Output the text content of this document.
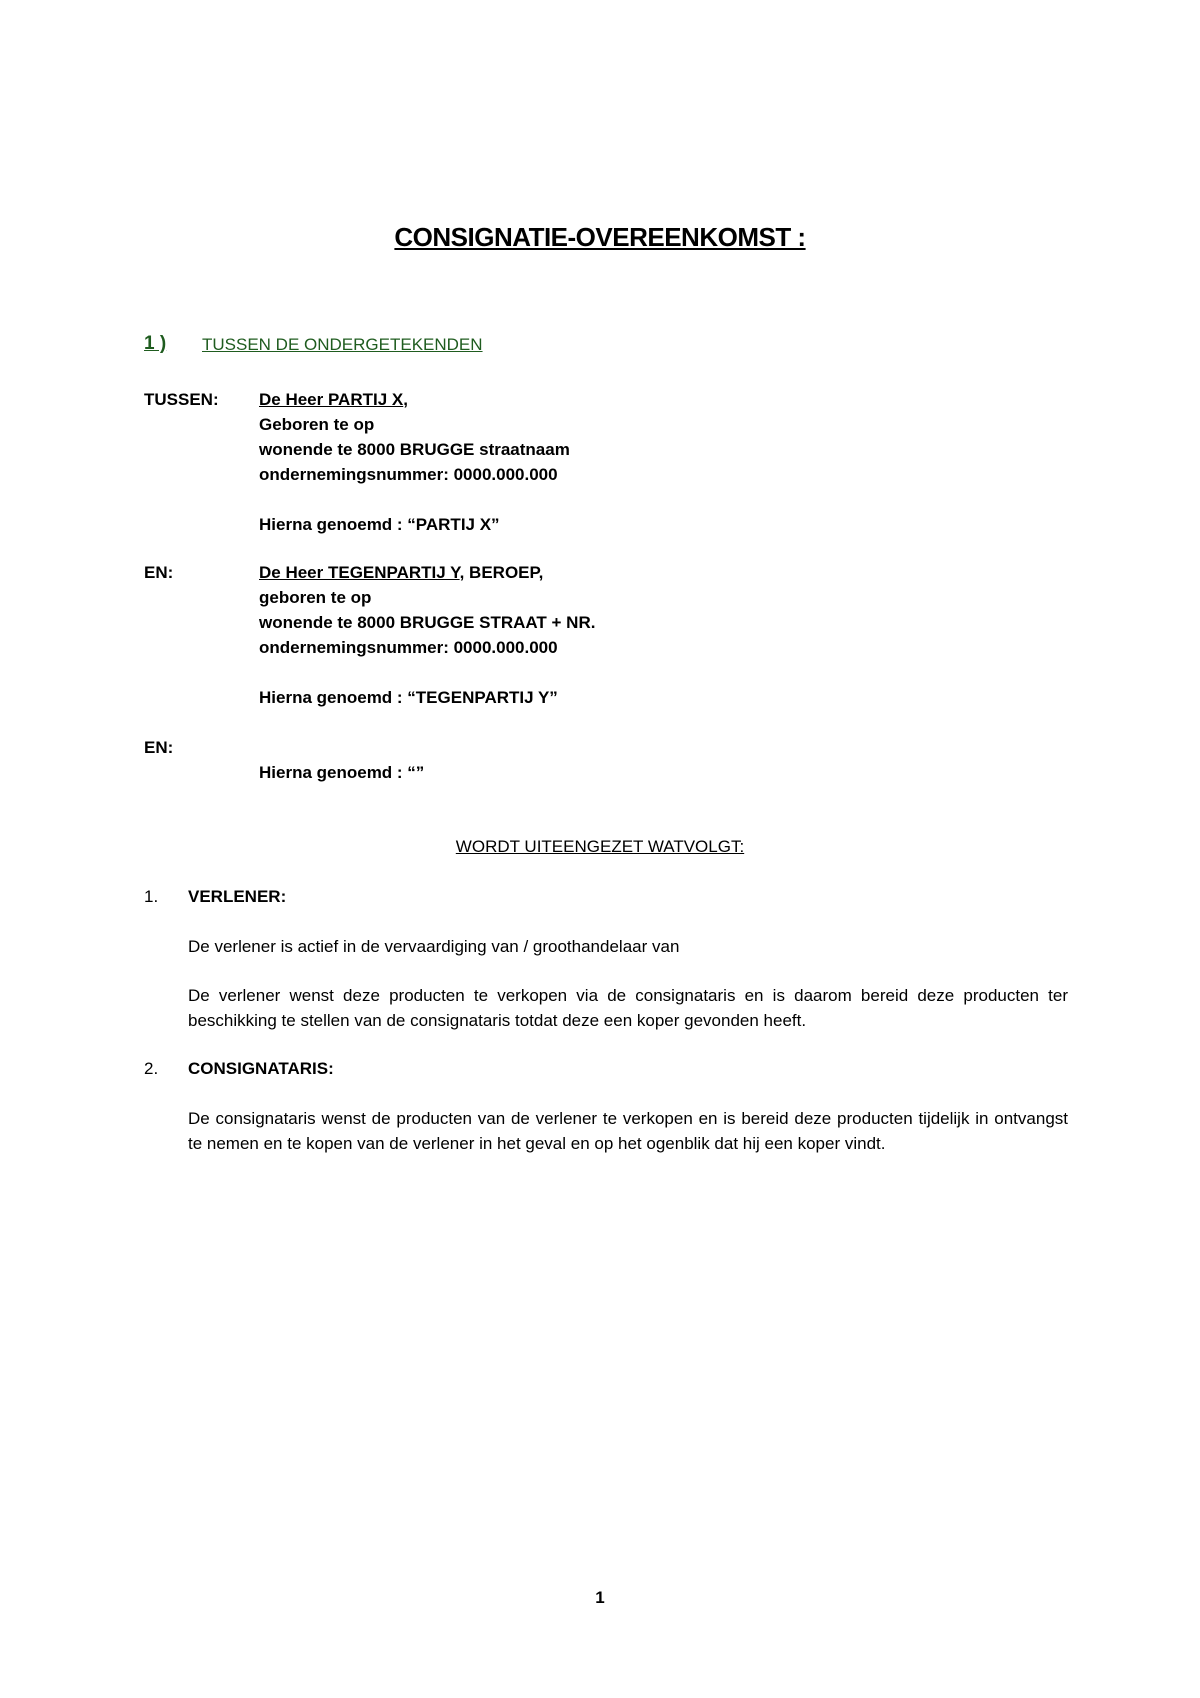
CONSIGNATIE-OVEREENKOMST :
1 ) TUSSEN DE ONDERGETEKENDEN
TUSSEN: De Heer PARTIJ X,
Geboren te op
wonende te 8000 BRUGGE straatnaam
ondernemingsnummer: 0000.000.000
Hierna genoemd : “PARTIJ X”
EN:	De Heer TEGENPARTIJ Y, BEROEP,
geboren te op
wonende te 8000 BRUGGE STRAAT + NR.
ondernemingsnummer: 0000.000.000
Hierna genoemd : “TEGENPARTIJ Y”
EN:
Hierna genoemd : “”
WORDT UITEENGEZET WATVOLGT:
1. VERLENER:
De verlener is actief in de vervaardiging van / groothandelaar van
De verlener wenst deze producten te verkopen via de consignataris en is daarom bereid deze producten ter beschikking te stellen van de consignataris totdat deze een koper gevonden heeft.
2. CONSIGNATARIS:
De consignataris wenst de producten van de verlener te verkopen en is bereid deze producten tijdelijk in ontvangst te nemen en te kopen van de verlener in het geval en op het ogenblik dat hij een koper vindt.
1
